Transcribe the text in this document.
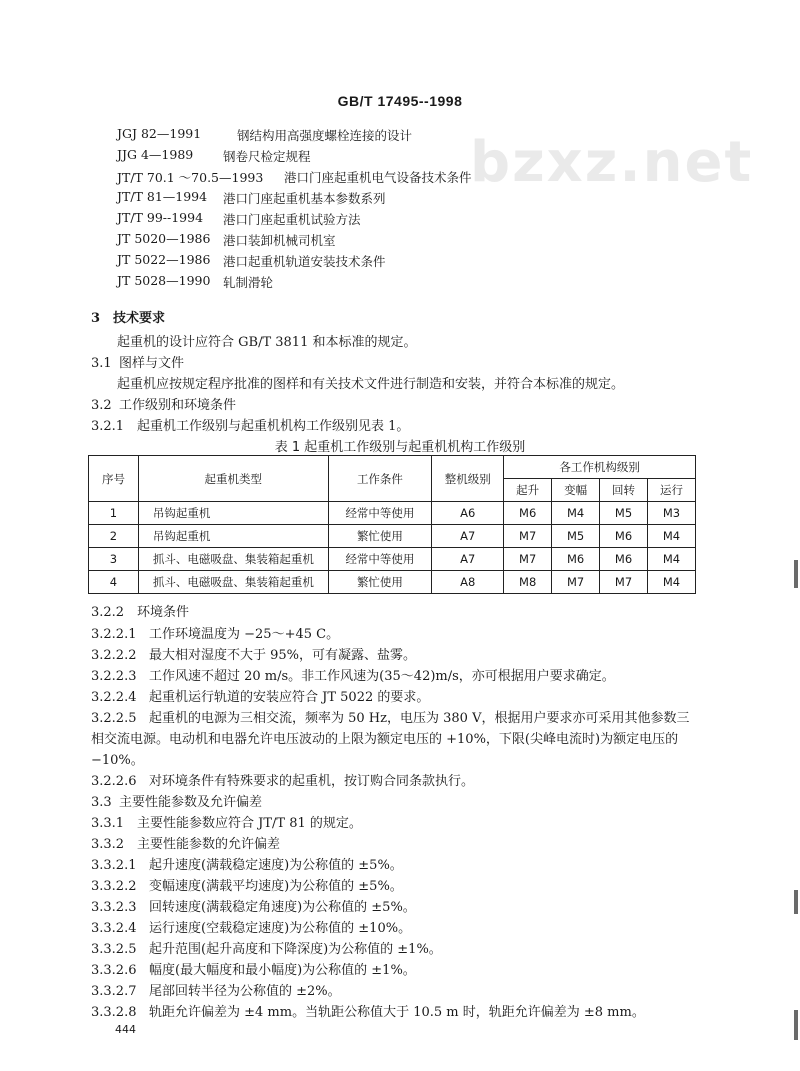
bzxz.net
GB/T 17495--1998
JGJ 82—1991	钢结构用高强度螺栓连接的设计
JJG 4—1989 钢卷尺检定规程
JT/T 70.1 ～70.5—1993 港口门座起重机电气设备技术条件
JT/T 81—1994 港口门座起重机基本参数系列
JT/T 99--1994 港口门座起重机试验方法
JT 5020—1986 港口装卸机械司机室
JT 5022—1986 港口起重机轨道安装技术条件
JT 5028—1990 轧制滑轮
3 技术要求
起重机的设计应符合 GB/T 3811 和本标准的规定。
3.1 图样与文件
起重机应按规定程序批准的图样和有关技术文件进行制造和安装，并符合本标准的规定。
3.2 工作级别和环境条件
3.2.1 起重机工作级别与起重机机构工作级别见表 1。
表 1 起重机工作级别与起重机机构工作级别
序号	起重机类型	工作条件	整机级别	各工作机构级别			
				起升	变幅	回转	运行
1	吊钩起重机	经常中等使用	A6	M6	M4	M5	M3
2	吊钩起重机	繁忙使用	A7	M7	M5	M6	M4
3	抓斗、电磁吸盘、集装箱起重机	经常中等使用	A7	M7	M6	M6	M4
4	抓斗、电磁吸盘、集装箱起重机	繁忙使用	A8	M8	M7	M7	M4
3.2.2 环境条件
3.2.2.1 工作环境温度为 −25～+45 C。
3.2.2.2 最大相对湿度不大于 95%，可有凝露、盐雾。
3.2.2.3 工作风速不超过 20 m/s。非工作风速为(35～42)m/s，亦可根据用户要求确定。
3.2.2.4 起重机运行轨道的安装应符合 JT 5022 的要求。
3.2.2.5 起重机的电源为三相交流，频率为 50 Hz，电压为 380 V，根据用户要求亦可采用其他参数三
相交流电源。电动机和电器允许电压波动的上限为额定电压的 +10%，下限(尖峰电流时)为额定电压的
−10%。
3.2.2.6 对环境条件有特殊要求的起重机，按订购合同条款执行。
3.3 主要性能参数及允许偏差
3.3.1 主要性能参数应符合 JT/T 81 的规定。
3.3.2 主要性能参数的允许偏差
3.3.2.1 起升速度(满载稳定速度)为公称值的 ±5%。
3.3.2.2 变幅速度(满载平均速度)为公称值的 ±5%。
3.3.2.3 回转速度(满载稳定角速度)为公称值的 ±5%。
3.3.2.4 运行速度(空载稳定速度)为公称值的 ±10%。
3.3.2.5 起升范围(起升高度和下降深度)为公称值的 ±1%。
3.3.2.6 幅度(最大幅度和最小幅度)为公称值的 ±1%。
3.3.2.7 尾部回转半径为公称值的 ±2%。
3.3.2.8 轨距允许偏差为 ±4 mm。当轨距公称值大于 10.5 m 时，轨距允许偏差为 ±8 mm。
444
